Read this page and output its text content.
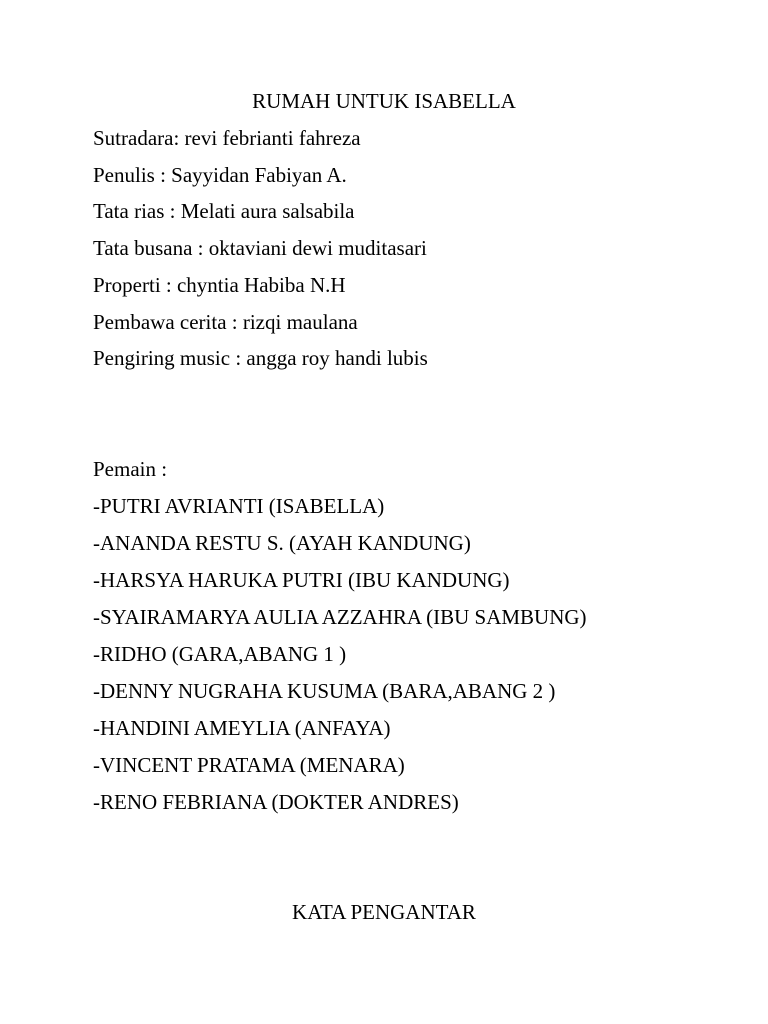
RUMAH UNTUK ISABELLA
Sutradara: revi febrianti fahreza
Penulis : Sayyidan Fabiyan A.
Tata rias : Melati aura salsabila
Tata busana : oktaviani dewi muditasari
Properti : chyntia Habiba N.H
Pembawa cerita : rizqi maulana
Pengiring music : angga roy handi lubis
Pemain :
-PUTRI AVRIANTI (ISABELLA)
-ANANDA RESTU S. (AYAH KANDUNG)
-HARSYA HARUKA PUTRI (IBU KANDUNG)
-SYAIRAMARYA AULIA AZZAHRA (IBU SAMBUNG)
-RIDHO (GARA,ABANG 1 )
-DENNY NUGRAHA KUSUMA (BARA,ABANG 2 )
-HANDINI AMEYLIA (ANFAYA)
-VINCENT PRATAMA (MENARA)
-RENO FEBRIANA (DOKTER ANDRES)
KATA PENGANTAR
